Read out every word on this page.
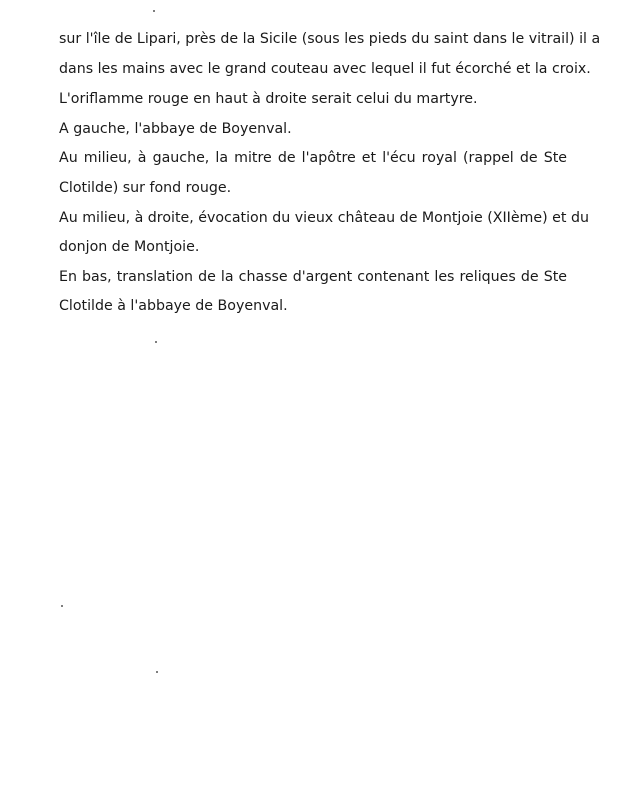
sur l'île de Lipari, près de la Sicile (sous les pieds du saint dans le vitrail) il a
dans les mains avec le grand couteau avec lequel il fut écorché et la croix.
L'oriflamme rouge en haut à droite serait celui du martyre.
A gauche, l'abbaye de Boyenval.
Au milieu, à gauche, la mitre de l'apôtre et l'écu royal (rappel de Ste
Clotilde) sur fond rouge.
Au milieu, à droite, évocation du vieux château de Montjoie (XIIème) et du
donjon de Montjoie.
En bas, translation de la chasse d'argent contenant les reliques de Ste
Clotilde à l'abbaye de Boyenval.
